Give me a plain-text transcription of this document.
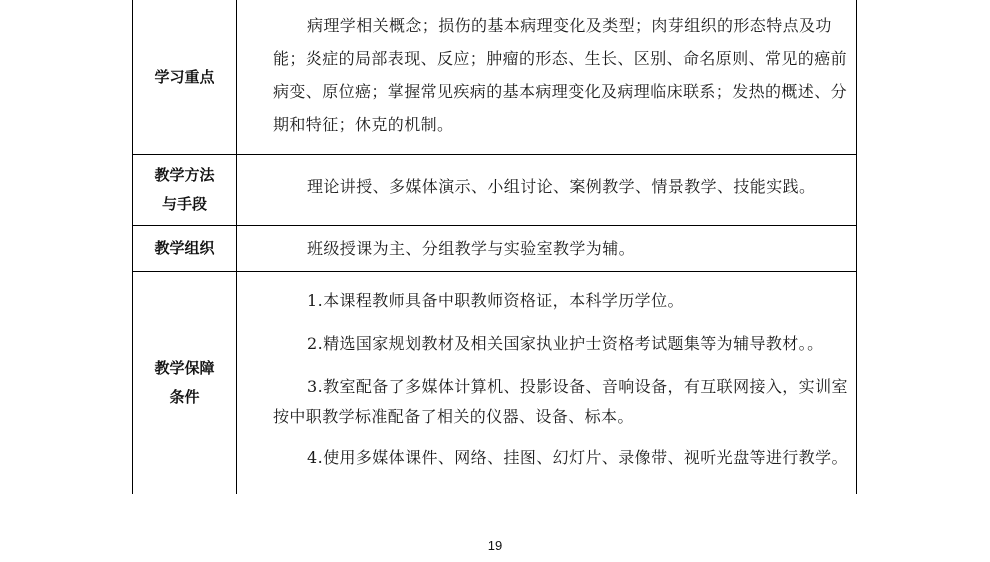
学习重点	病理学相关概念；损伤的基本病理变化及类型；肉芽组织的形态特点及功能；炎症的局部表现、反应；肿瘤的形态、生长、区别、命名原则、常见的癌前病变、原位癌；掌握常见疾病的基本病理变化及病理临床联系；发热的概述、分期和特征；休克的机制。

教学方法与手段	理论讲授、多媒体演示、小组讨论、案例教学、情景教学、技能实践。

教学组织	班级授课为主、分组教学与实验室教学为辅。

教学保障条件	1.本课程教师具备中职教师资格证，本科学历学位。
2.精选国家规划教材及相关国家执业护士资格考试题集等为辅导教材。。
3.教室配备了多媒体计算机、投影设备、音响设备，有互联网接入，实训室按中职教学标准配备了相关的仪器、设备、标本。
4.使用多媒体课件、网络、挂图、幻灯片、录像带、视听光盘等进行教学。
19
